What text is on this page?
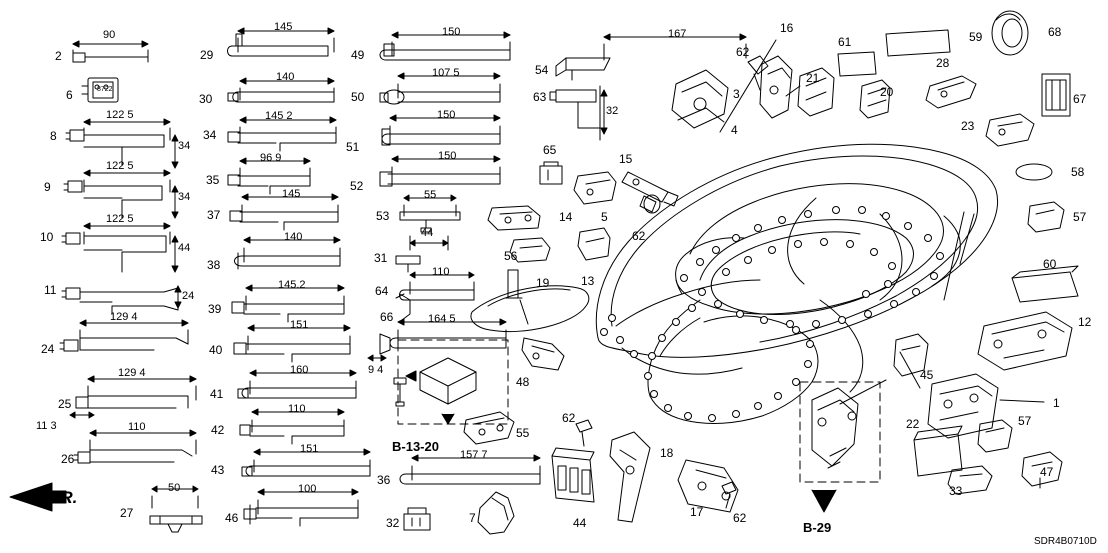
2
6
8
9
10
11
24
25
11 3
26
27
29
30
34
35
37
38
39
40
41
42
43
46
49
50
51
52
53
31
64
66
9 4
36
32
48
55
7	44
54
63
65
56
14 5
13
19
15
62
62
62
62
18
17
3
4
16
21
20
61
28
59	68
67
23
58
57
60
12
45
1
57
22
33
47
90
122 5
34
122 5
34
122 5
44
24
129 4
129 4
110
50
145
140
145 2
96 9
145
140
145.2
151
160
110
151
100
150
107 5
150
150
55
44
110
164 5
157 7
167
32
B-13-20
B-29
FR.
SDR4B0710D
8722
